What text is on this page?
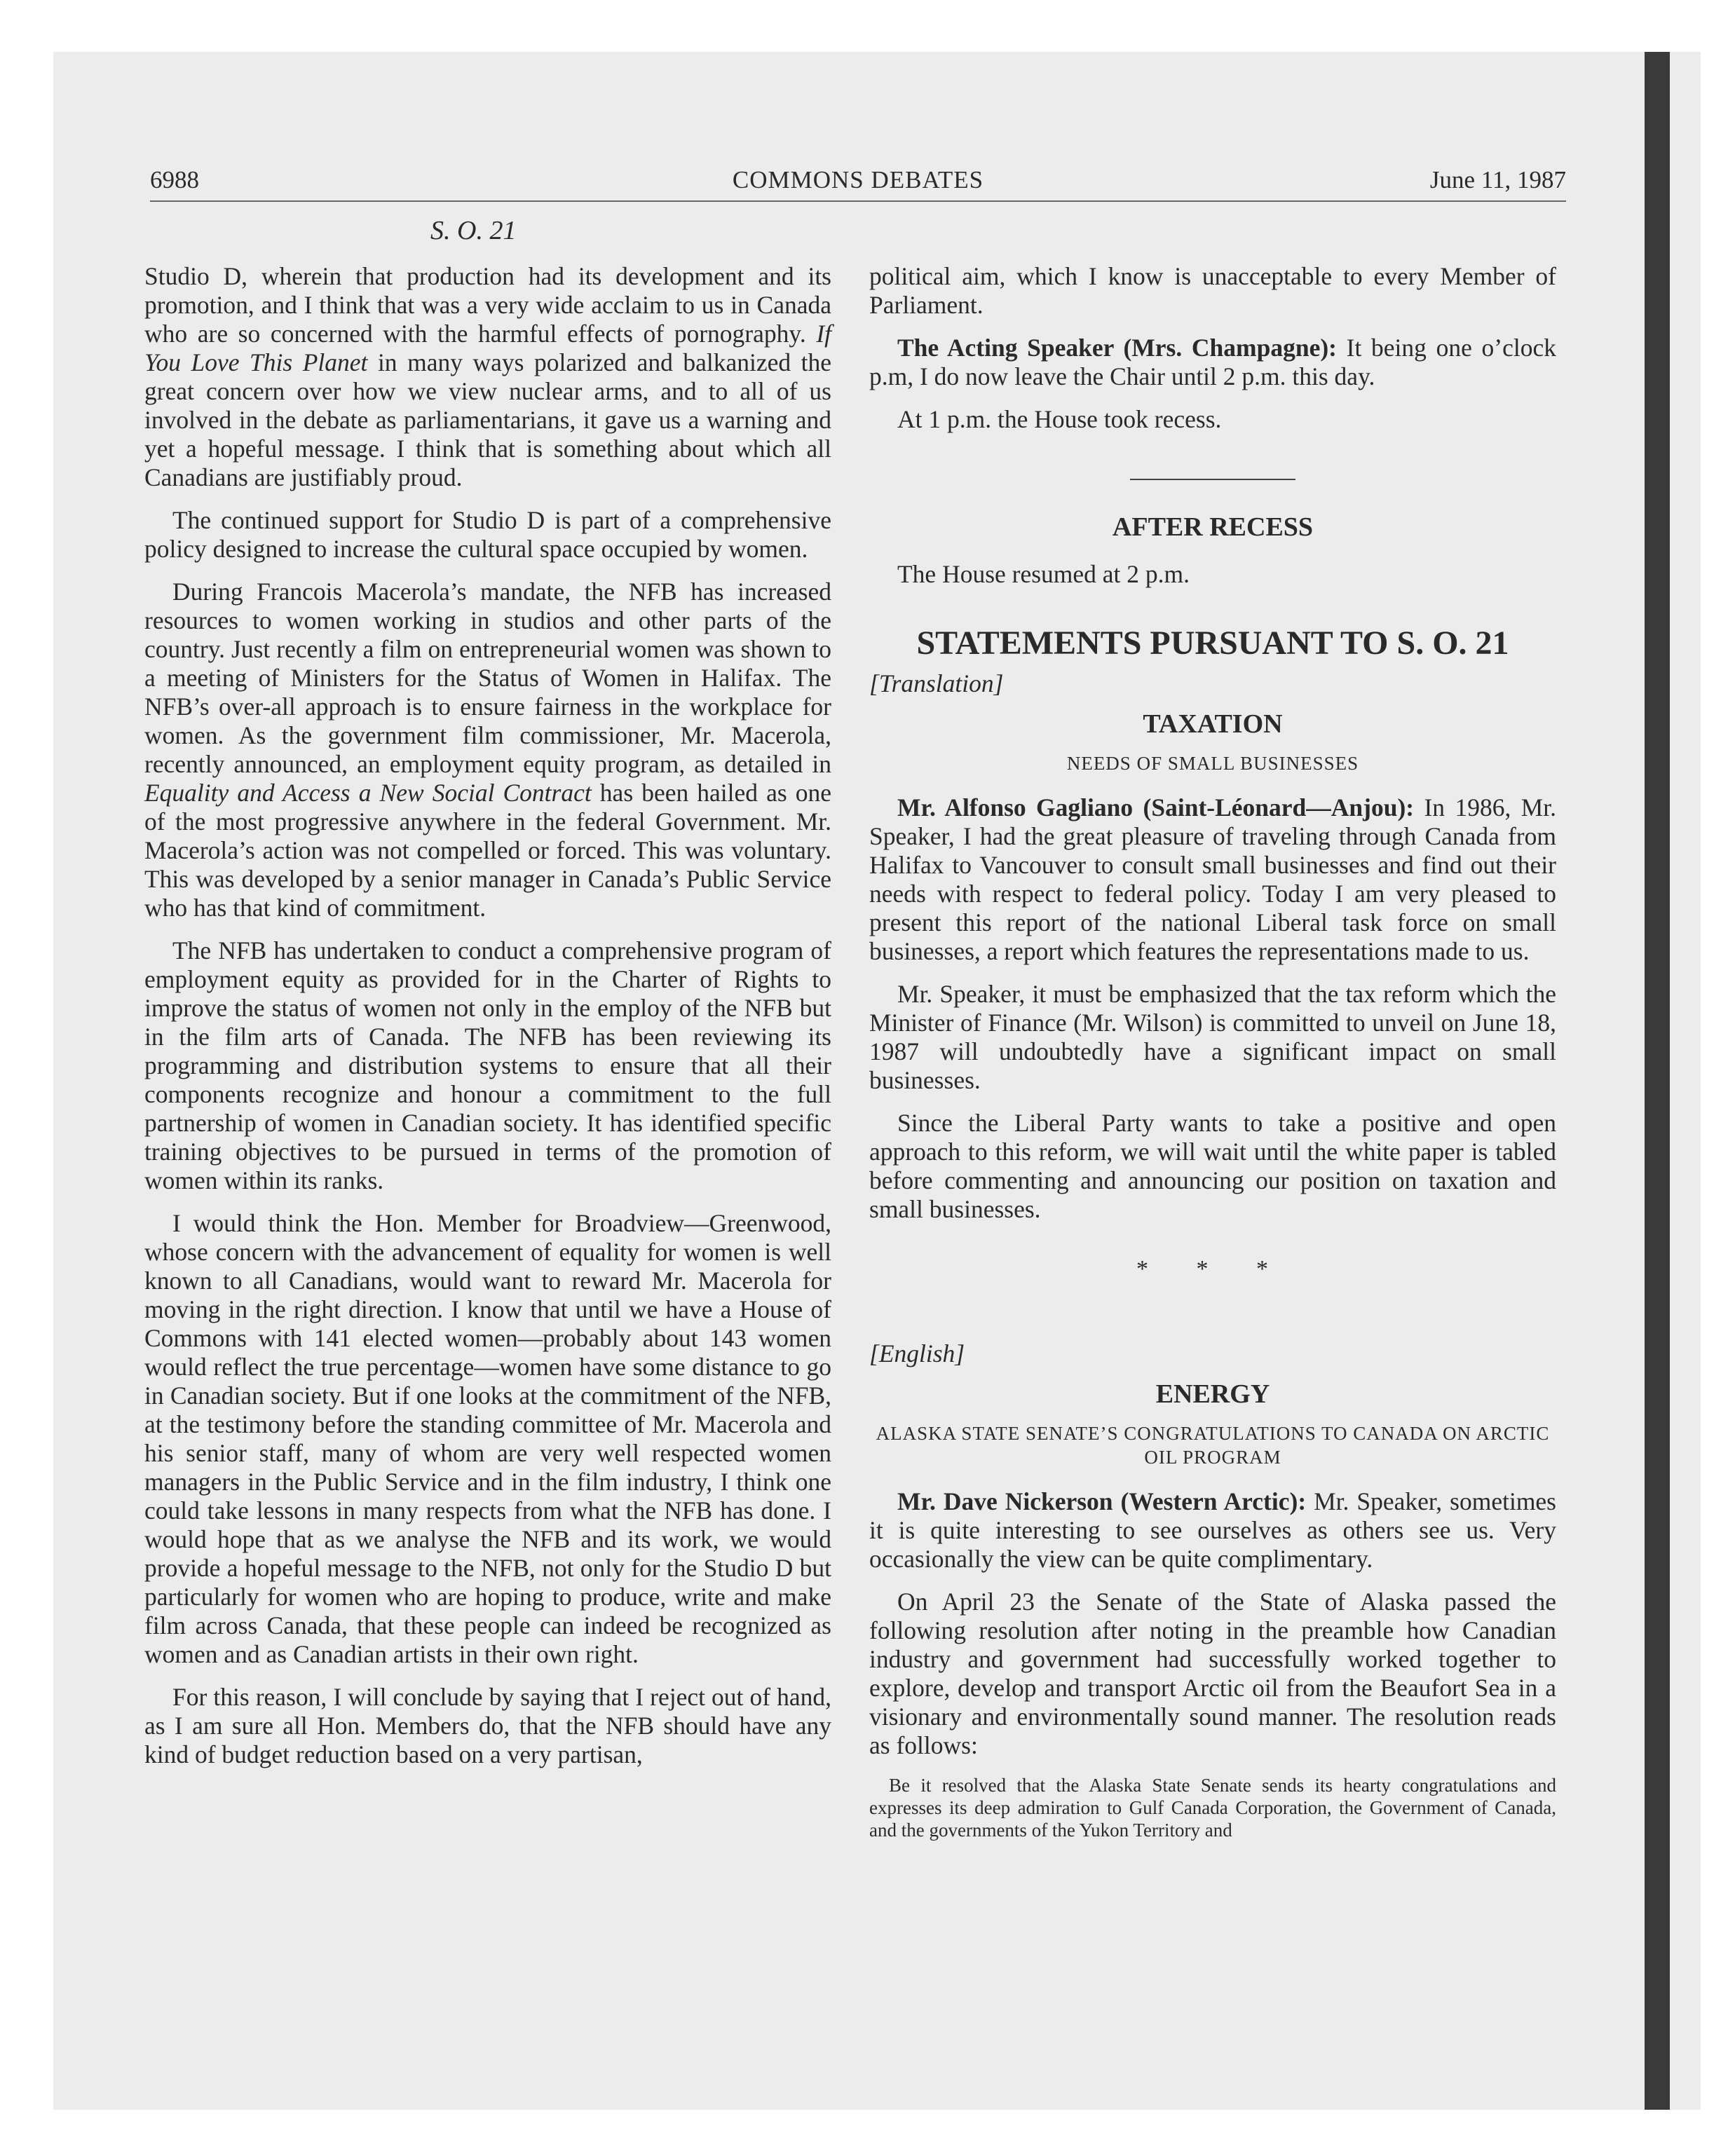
6988	COMMONS DEBATES	June 11, 1987
S. O. 21

Studio D, wherein that production had its development and its promotion, and I think that was a very wide acclaim to us in Canada who are so concerned with the harmful effects of pornography. If You Love This Planet in many ways polarized and balkanized the great concern over how we view nuclear arms, and to all of us involved in the debate as parliamentarians, it gave us a warning and yet a hopeful message. I think that is something about which all Canadians are justifiably proud.

The continued support for Studio D is part of a comprehensive policy designed to increase the cultural space occupied by women.

During Francois Macerola’s mandate, the NFB has increased resources to women working in studios and other parts of the country. Just recently a film on entrepreneurial women was shown to a meeting of Ministers for the Status of Women in Halifax. The NFB’s over-all approach is to ensure fairness in the workplace for women. As the government film commissioner, Mr. Macerola, recently announced, an employment equity program, as detailed in Equality and Access a New Social Contract has been hailed as one of the most progressive anywhere in the federal Government. Mr. Macerola’s action was not compelled or forced. This was voluntary. This was developed by a senior manager in Canada’s Public Service who has that kind of commitment.

The NFB has undertaken to conduct a comprehensive program of employment equity as provided for in the Charter of Rights to improve the status of women not only in the employ of the NFB but in the film arts of Canada. The NFB has been reviewing its programming and distribution systems to ensure that all their components recognize and honour a commitment to the full partnership of women in Canadian society. It has identified specific training objectives to be pursued in terms of the promotion of women within its ranks.

I would think the Hon. Member for Broadview—Greenwood, whose concern with the advancement of equality for women is well known to all Canadians, would want to reward Mr. Macerola for moving in the right direction. I know that until we have a House of Commons with 141 elected women—probably about 143 women would reflect the true percentage—women have some distance to go in Canadian society. But if one looks at the commitment of the NFB, at the testimony before the standing committee of Mr. Macerola and his senior staff, many of whom are very well respected women managers in the Public Service and in the film industry, I think one could take lessons in many respects from what the NFB has done. I would hope that as we analyse the NFB and its work, we would provide a hopeful message to the NFB, not only for the Studio D but particularly for women who are hoping to produce, write and make film across Canada, that these people can indeed be recognized as women and as Canadian artists in their own right.

For this reason, I will conclude by saying that I reject out of hand, as I am sure all Hon. Members do, that the NFB should have any kind of budget reduction based on a very partisan,

political aim, which I know is unacceptable to every Member of Parliament.

The Acting Speaker (Mrs. Champagne): It being one o’clock p.m, I do now leave the Chair until 2 p.m. this day.

At 1 p.m. the House took recess.

AFTER RECESS

The House resumed at 2 p.m.

STATEMENTS PURSUANT TO S. O. 21
[Translation]
TAXATION
NEEDS OF SMALL BUSINESSES

Mr. Alfonso Gagliano (Saint-Léonard—Anjou): In 1986, Mr. Speaker, I had the great pleasure of traveling through Canada from Halifax to Vancouver to consult small businesses and find out their needs with respect to federal policy. Today I am very pleased to present this report of the national Liberal task force on small businesses, a report which features the representations made to us.

Mr. Speaker, it must be emphasized that the tax reform which the Minister of Finance (Mr. Wilson) is committed to unveil on June 18, 1987 will undoubtedly have a significant impact on small businesses.

Since the Liberal Party wants to take a positive and open approach to this reform, we will wait until the white paper is tabled before commenting and announcing our position on taxation and small businesses.

* * *
[English]
ENERGY
ALASKA STATE SENATE’S CONGRATULATIONS TO CANADA ON ARCTIC OIL PROGRAM

Mr. Dave Nickerson (Western Arctic): Mr. Speaker, sometimes it is quite interesting to see ourselves as others see us. Very occasionally the view can be quite complimentary.

On April 23 the Senate of the State of Alaska passed the following resolution after noting in the preamble how Canadian industry and government had successfully worked together to explore, develop and transport Arctic oil from the Beaufort Sea in a visionary and environmentally sound manner. The resolution reads as follows:

Be it resolved that the Alaska State Senate sends its hearty congratulations and expresses its deep admiration to Gulf Canada Corporation, the Government of Canada, and the governments of the Yukon Territory and
